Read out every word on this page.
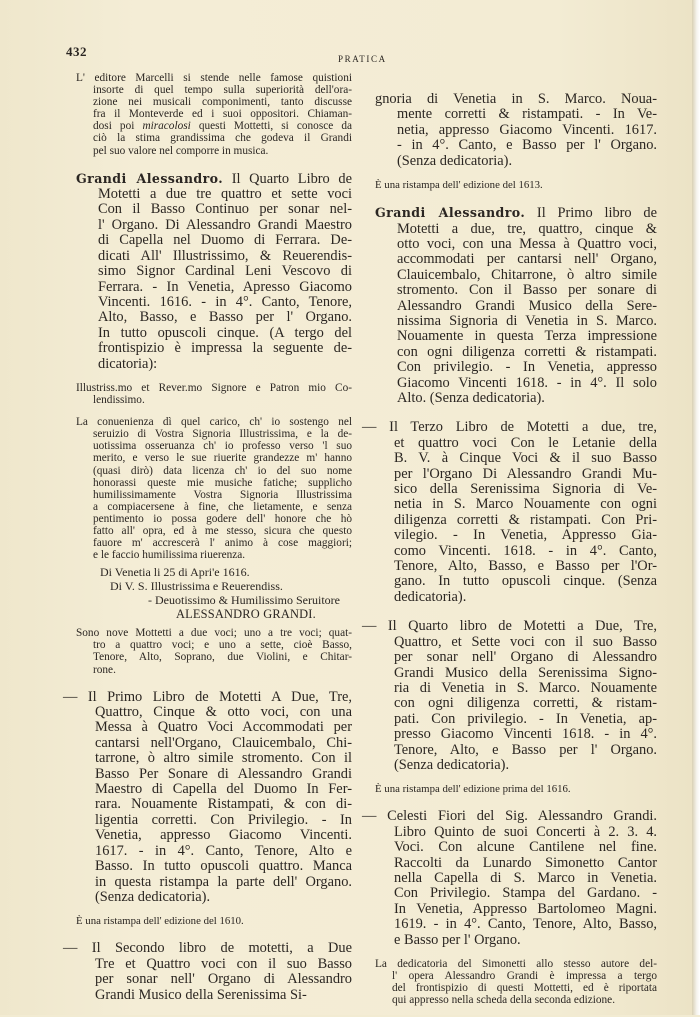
432	PRATICA
L' editore Marcelli si stende nelle famose quistioni
insorte di quel tempo sulla superiorità dell'ora-
zione nei musicali componimenti, tanto discusse
fra il Monteverde ed i suoi oppositori. Chiaman-
dosi poi miracolosi questi Mottetti, si conosce da
ciò la stima grandissima che godeva il Grandi
pel suo valore nel comporre in musica.
Grandi Alessandro. Il Quarto Libro de
Motetti a due tre quattro et sette voci
Con il Basso Continuo per sonar nel-
l' Organo. Di Alessandro Grandi Maestro
di Capella nel Duomo di Ferrara. De-
dicati All' Illustrissimo, & Reuerendis-
simo Signor Cardinal Leni Vescovo di
Ferrara. - In Venetia, Apresso Giacomo
Vincenti. 1616. - in 4°. Canto, Tenore,
Alto, Basso, e Basso per l' Organo.
In tutto opuscoli cinque. (A tergo del
frontispizio è impressa la seguente de-
dicatoria):
Illustriss.mo et Rever.mo Signore e Patron mio Co-
lendissimo.
La conuenienza dì quel carico, ch' io sostengo nel
seruizio di Vostra Signoria Illustrissima, e la de-
uotissima osseruanza ch' io professo verso 'l suo
merito, e verso le sue riuerite grandezze m' hanno
(quasi dirò) data licenza ch' io del suo nome
honorassi queste mie musiche fatiche; supplicho
humilissimamente Vostra Signoria Illustrissima
a compiacersene à fine, che lietamente, e senza
pentimento io possa godere dell' honore che hò
fatto all' opra, ed à me stesso, sicura che questo
fauore m' accrescerà l' animo à cose maggiori;
e le faccio humilissima riuerenza.
Di Venetia li 25 di Apri'e 1616.
Di V. S. Illustrissima e Reuerendiss.
- Deuotissimo & Humilissimo Seruitore
ALESSANDRO GRANDI.
Sono nove Mottetti a due voci; uno a tre voci; quat-
tro a quattro voci; e uno a sette, cioè Basso,
Tenore, Alto, Soprano, due Violini, e Chitar-
rone.
— Il Primo Libro de Motetti A Due, Tre,
Quattro, Cinque & otto voci, con una
Messa à Quatro Voci Accommodati per
cantarsi nell'Organo, Clauicembalo, Chi-
tarrone, ò altro simile stromento. Con il
Basso Per Sonare di Alessandro Grandi
Maestro di Capella del Duomo In Fer-
rara. Nouamente Ristampati, & con di-
ligentia corretti. Con Privilegio. - In
Venetia, appresso Giacomo Vincenti.
1617. - in 4°. Canto, Tenore, Alto e
Basso. In tutto opuscoli quattro. Manca
in questa ristampa la parte dell' Organo.
(Senza dedicatoria).
È una ristampa dell' edizione del 1610.
— Il Secondo libro de motetti, a Due
Tre et Quattro voci con il suo Basso
per sonar nell' Organo di Alessandro
Grandi Musico della Serenissima Si-
gnoria di Venetia in S. Marco. Noua-
mente corretti & ristampati. - In Ve-
netia, appresso Giacomo Vincenti. 1617.
- in 4°. Canto, e Basso per l' Organo.
(Senza dedicatoria).
È una ristampa dell' edizione del 1613.
Grandi Alessandro. Il Primo libro de
Motetti a due, tre, quattro, cinque &
otto voci, con una Messa à Quattro voci,
accommodati per cantarsi nell' Organo,
Clauicembalo, Chitarrone, ò altro simile
stromento. Con il Basso per sonare di
Alessandro Grandi Musico della Sere-
nissima Signoria di Venetia in S. Marco.
Nouamente in questa Terza impressione
con ogni diligenza corretti & ristampati.
Con privilegio. - In Venetia, appresso
Giacomo Vincenti 1618. - in 4°. Il solo
Alto. (Senza dedicatoria).
— Il Terzo Libro de Motetti a due, tre,
et quattro voci Con le Letanie della
B. V. à Cinque Voci & il suo Basso
per l'Organo Di Alessandro Grandi Mu-
sico della Serenissima Signoria di Ve-
netia in S. Marco Nouamente con ogni
diligenza corretti & ristampati. Con Pri-
vilegio. - In Venetia, Appresso Gia-
como Vincenti. 1618. - in 4°. Canto,
Tenore, Alto, Basso, e Basso per l'Or-
gano. In tutto opuscoli cinque. (Senza
dedicatoria).
— Il Quarto libro de Motetti a Due, Tre,
Quattro, et Sette voci con il suo Basso
per sonar nell' Organo di Alessandro
Grandi Musico della Serenissima Signo-
ria di Venetia in S. Marco. Nouamente
con ogni diligenza corretti, & ristam-
pati. Con privilegio. - In Venetia, ap-
presso Giacomo Vincenti 1618. - in 4°.
Tenore, Alto, e Basso per l' Organo.
(Senza dedicatoria).
È una ristampa dell' edizione prima del 1616.
— Celesti Fiori del Sig. Alessandro Grandi.
Libro Quinto de suoi Concerti à 2. 3. 4.
Voci. Con alcune Cantilene nel fine.
Raccolti da Lunardo Simonetto Cantor
nella Capella di S. Marco in Venetia.
Con Privilegio. Stampa del Gardano. -
In Venetia, Appresso Bartolomeo Magni.
1619. - in 4°. Canto, Tenore, Alto, Basso,
e Basso per l' Organo.
La dedicatoria del Simonetti allo stesso autore del-
l' opera Alessandro Grandi è impressa a tergo
del frontispizio di questi Mottetti, ed è riportata
qui appresso nella scheda della seconda edizione.
